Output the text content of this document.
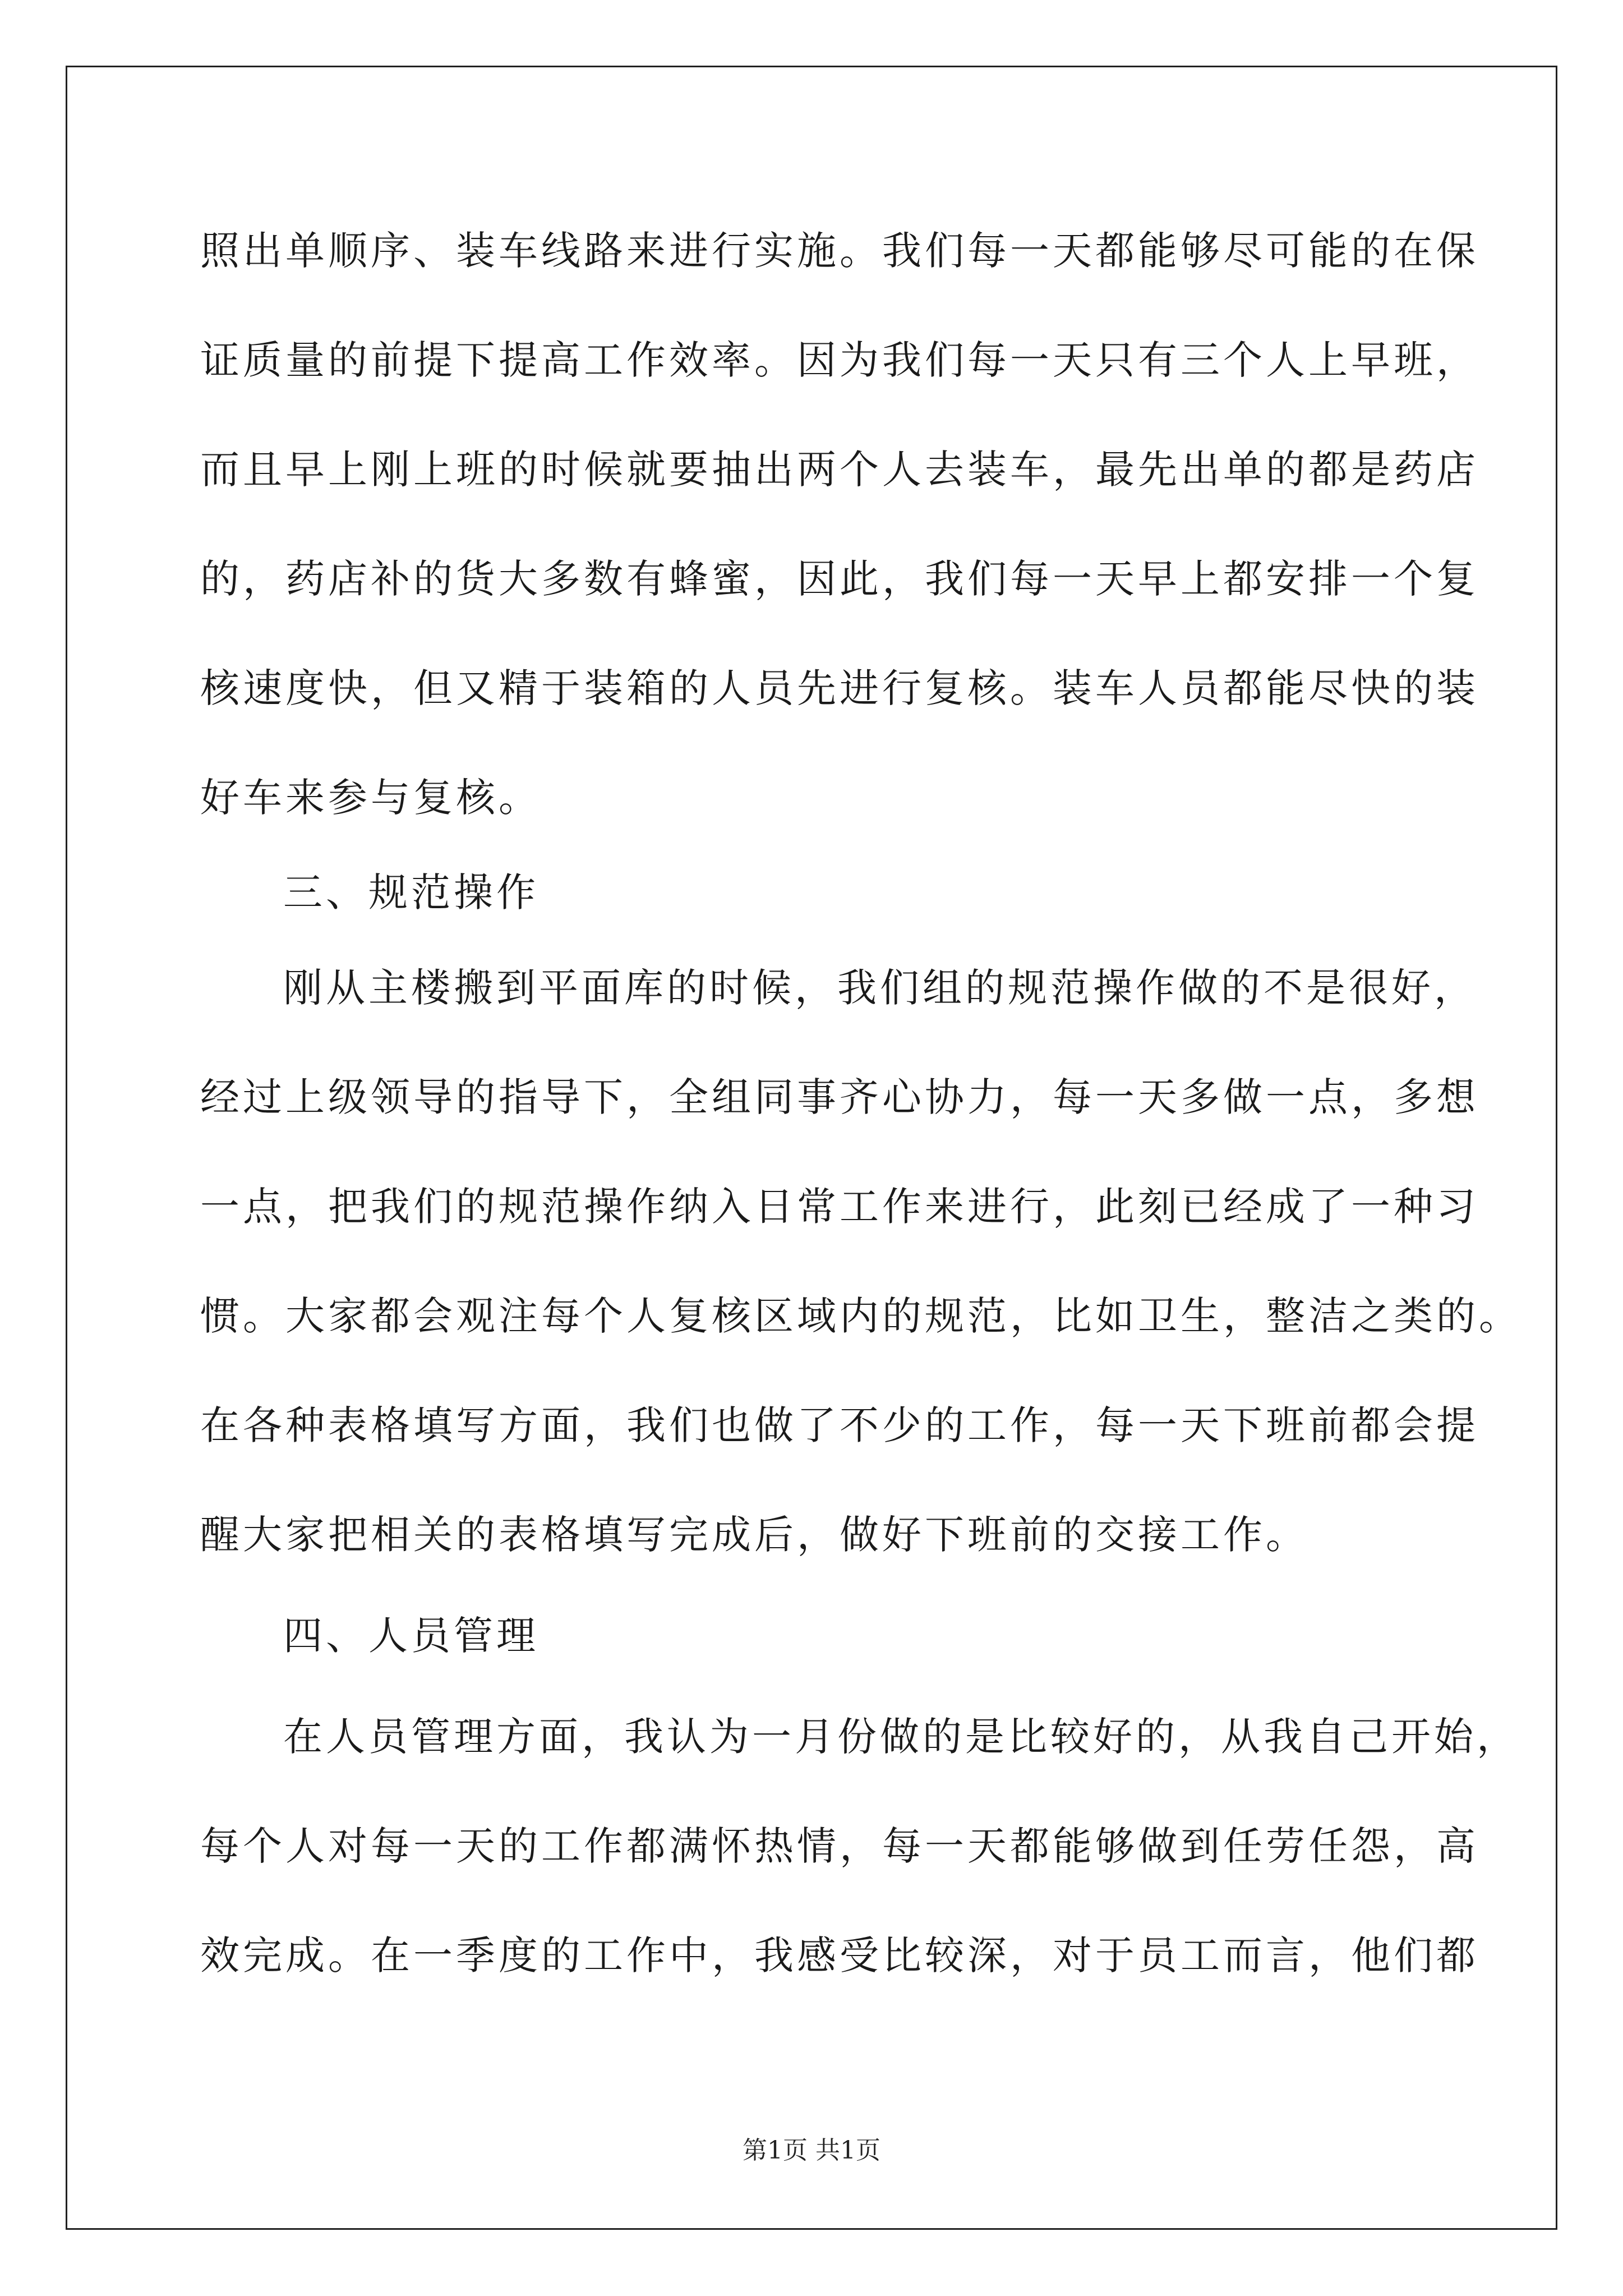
照出单顺序、装车线路来进行实施。我们每一天都能够尽可能的在保
证质量的前提下提高工作效率。因为我们每一天只有三个人上早班，
而且早上刚上班的时候就要抽出两个人去装车，最先出单的都是药店
的，药店补的货大多数有蜂蜜，因此，我们每一天早上都安排一个复
核速度快，但又精于装箱的人员先进行复核。装车人员都能尽快的装
好车来参与复核。
三、规范操作
刚从主楼搬到平面库的时候，我们组的规范操作做的不是很好，
经过上级领导的指导下，全组同事齐心协力，每一天多做一点，多想
一点，把我们的规范操作纳入日常工作来进行，此刻已经成了一种习
惯。大家都会观注每个人复核区域内的规范，比如卫生，整洁之类的。
在各种表格填写方面，我们也做了不少的工作，每一天下班前都会提
醒大家把相关的表格填写完成后，做好下班前的交接工作。
四、人员管理
在人员管理方面，我认为一月份做的是比较好的，从我自己开始，
每个人对每一天的工作都满怀热情，每一天都能够做到任劳任怨，高
效完成。在一季度的工作中，我感受比较深，对于员工而言，他们都
第1页 共1页
